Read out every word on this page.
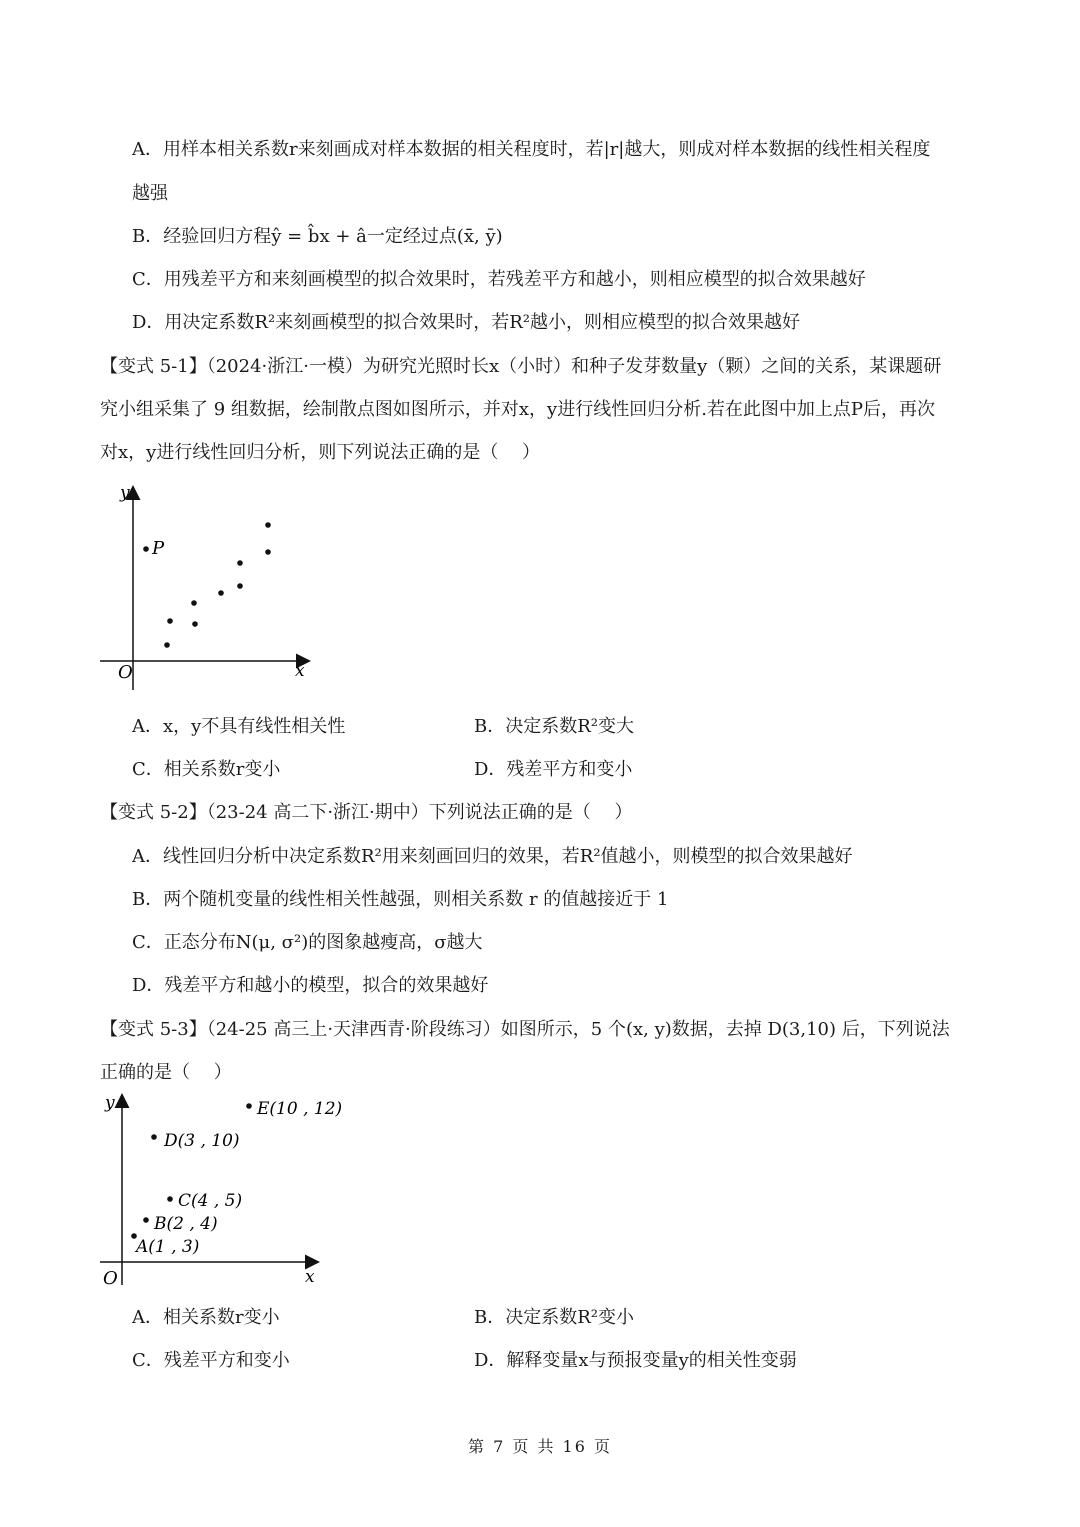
A．用样本相关系数r来刻画成对样本数据的相关程度时，若|r|越大，则成对样本数据的线性相关程度
越强
B．经验回归方程ŷ = b̂x + â一定经过点(x̄, ȳ)
C．用残差平方和来刻画模型的拟合效果时，若残差平方和越小，则相应模型的拟合效果越好
D．用决定系数R²来刻画模型的拟合效果时，若R²越小，则相应模型的拟合效果越好
【变式 5-1】（2024·浙江·一模）为研究光照时长x（小时）和种子发芽数量y（颗）之间的关系，某课题研
究小组采集了 9 组数据，绘制散点图如图所示，并对x，y进行线性回归分析.若在此图中加上点P后，再次
对x，y进行线性回归分析，则下列说法正确的是（　 ）
y
x
O
P
A．x，y不具有线性相关性	B．决定系数R²变大
C．相关系数r变小	D．残差平方和变小
【变式 5-2】（23-24 高二下·浙江·期中）下列说法正确的是（　 ）
A．线性回归分析中决定系数R²用来刻画回归的效果，若R²值越小，则模型的拟合效果越好
B．两个随机变量的线性相关性越强，则相关系数 r 的值越接近于 1
C．正态分布N(μ, σ²)的图象越瘦高，σ越大
D．残差平方和越小的模型，拟合的效果越好
【变式 5-3】（24-25 高三上·天津西青·阶段练习）如图所示，5 个(x, y)数据，去掉 D(3,10) 后，下列说法
正确的是（　 ）
y
x
O
A(1 , 3)
B(2 , 4)
C(4 , 5)
D(3 , 10)
E(10 , 12)
A．相关系数r变小	B．决定系数R²变小
C．残差平方和变小	D．解释变量x与预报变量y的相关性变弱
第 7 页 共 16 页
